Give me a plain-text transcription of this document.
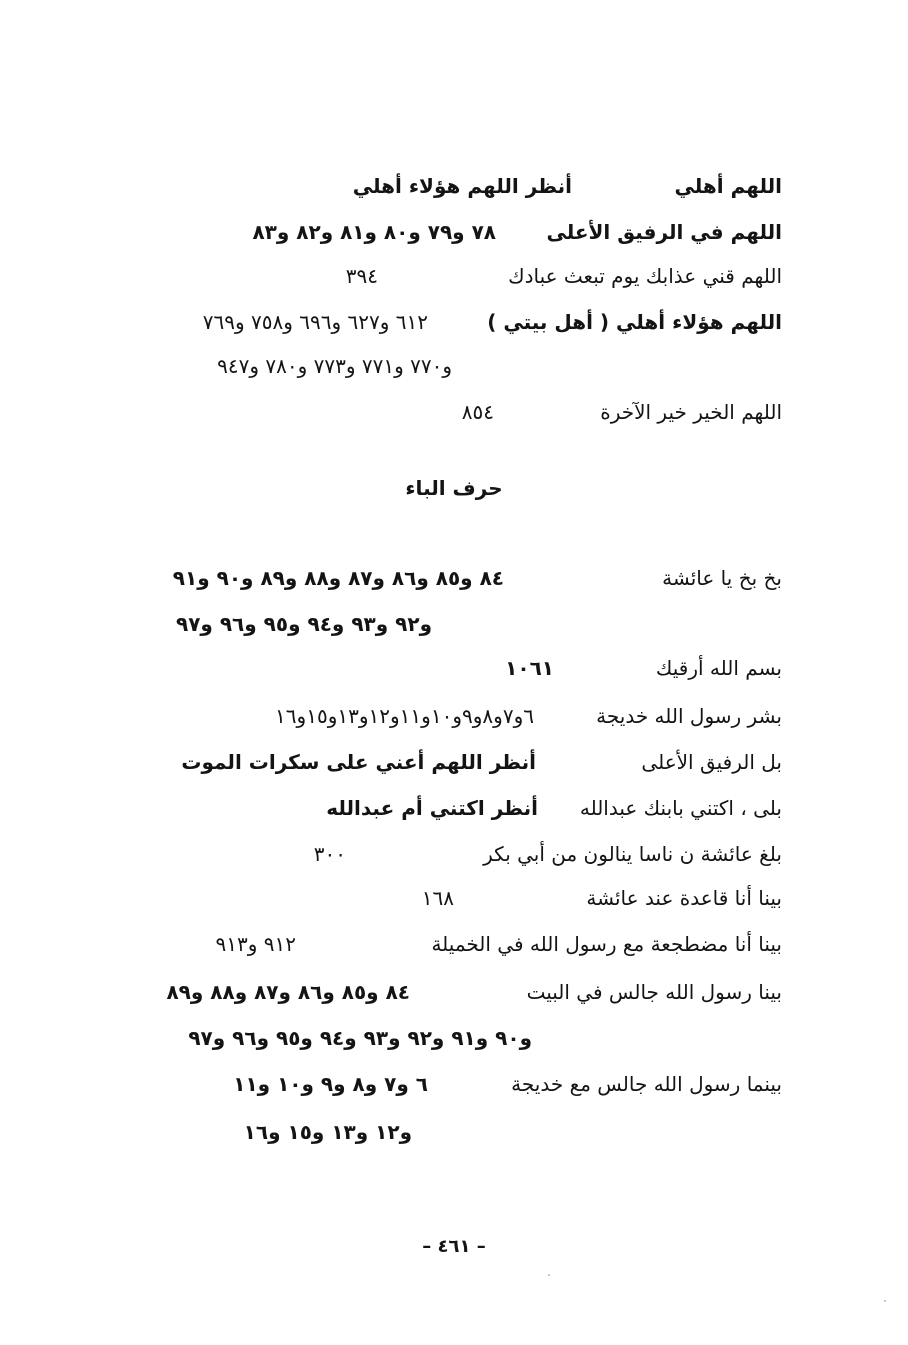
اللهم أهلي
أنظر اللهم هؤلاء أهلي
اللهم في الرفيق الأعلى
٧٨ و٧٩ و٨٠ و٨١ و٨٢ و٨٣
اللهم قني عذابك يوم تبعث عبادك
٣٩٤
اللهم هؤلاء أهلي ( أهل بيتي )
٦١٢ و٦٢٧ و٦٩٦ و٧٥٨ و٧٦٩
و٧٧٠ و٧٧١ و٧٧٣ و٧٨٠ و٩٤٧
اللهم الخير خير الآخرة
٨٥٤
حرف الباء
بخ بخ يا عائشة
٨٤ و٨٥ و٨٦ و٨٧ و٨٨ و٨٩ و٩٠ و٩١
و٩٢ و٩٣ و٩٤ و٩٥ و٩٦ و٩٧
بسم الله أرقيك
١٠٦١
بشر رسول الله خديجة
٦و٧و٨و٩و١٠و١١و١٢و١٣و١٥و١٦
بل الرفيق الأعلى
أنظر اللهم أعني على سكرات الموت
بلى ، اكتني بابنك عبدالله
أنظر اكتني أم عبدالله
بلغ عائشة ن ناسا ينالون من أبي بكر
٣٠٠
بينا أنا قاعدة عند عائشة
١٦٨
بينا أنا مضطجعة مع رسول الله في الخميلة
٩١٢ و٩١٣
بينا رسول الله جالس في البيت
٨٤ و٨٥ و٨٦ و٨٧ و٨٨ و٨٩
و٩٠ و٩١ و٩٢ و٩٣ و٩٤ و٩٥ و٩٦ و٩٧
بينما رسول الله جالس مع خديجة
٦ و٧ و٨ و٩ و١٠ و١١
و١٢ و١٣ و١٥ و١٦
– ٤٦١ –
